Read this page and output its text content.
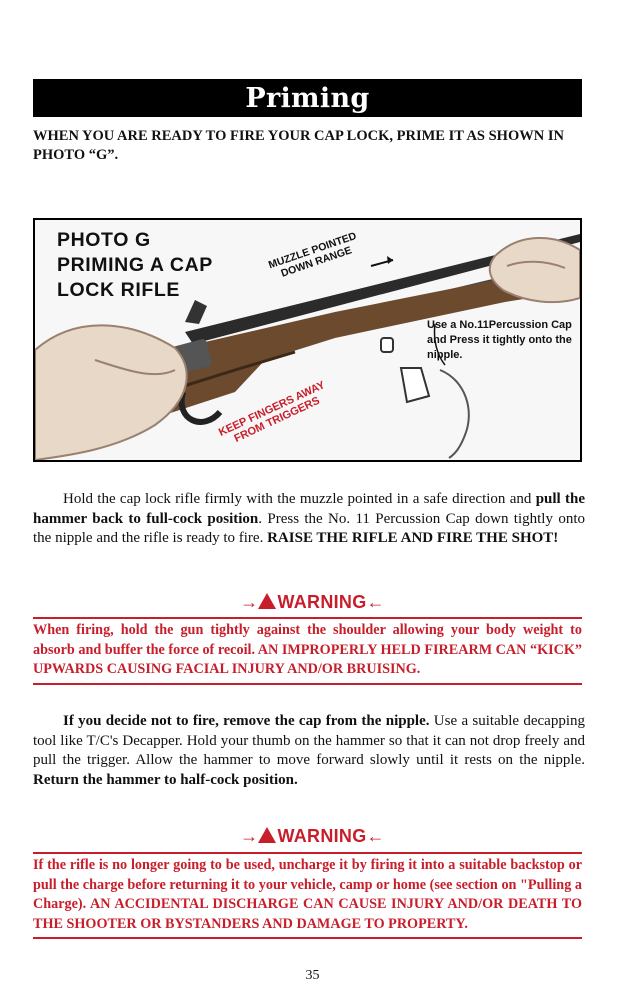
Priming
WHEN YOU ARE READY TO FIRE YOUR CAP LOCK, PRIME IT AS SHOWN IN PHOTO “G”.
PHOTO G
PRIMING A CAP
LOCK RIFLE
MUZZLE POINTED
DOWN RANGE
Use a No.11Percussion Cap and Press it tightly onto the nipple.
KEEP FINGERS AWAY
FROM TRIGGERS
Hold the cap lock rifle firmly with the muzzle pointed in a safe direction and pull the hammer back to full-cock position. Press the No. 11 Percussion Cap down tightly onto the nipple and the rifle is ready to fire. RAISE THE RIFLE AND FIRE THE SHOT!
→ WARNING←
When firing, hold the gun tightly against the shoulder allowing your body weight to absorb and buffer the force of recoil. AN IMPROPERLY HELD FIREARM CAN “KICK” UPWARDS CAUSING FACIAL INJURY AND/OR BRUISING.
If you decide not to fire, remove the cap from the nipple. Use a suitable decapping tool like T/C's Decapper. Hold your thumb on the hammer so that it can not drop freely and pull the trigger. Allow the hammer to move forward slowly until it rests on the nipple. Return the hammer to half-cock position.
→ WARNING←
If the rifle is no longer going to be used, uncharge it by firing it into a suitable backstop or pull the charge before returning it to your vehicle, camp or home (see section on "Pulling a Charge). AN ACCIDENTAL DISCHARGE CAN CAUSE INJURY AND/OR DEATH TO THE SHOOTER OR BYSTANDERS AND DAMAGE TO PROPERTY.
35
